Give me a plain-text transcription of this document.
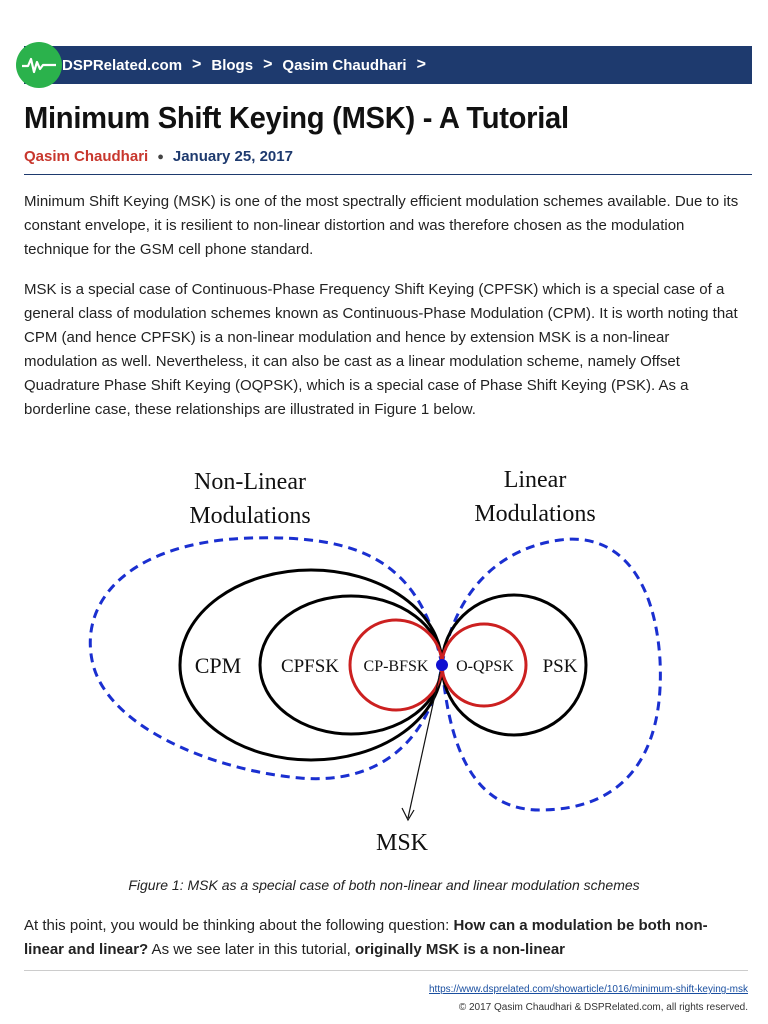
DSPRelated.com > Blogs > Qasim Chaudhari >
Minimum Shift Keying (MSK) - A Tutorial
Qasim Chaudhari ● January 25, 2017

Minimum Shift Keying (MSK) is one of the most spectrally efficient modulation schemes available. Due to its constant envelope, it is resilient to non-linear distortion and was therefore chosen as the modulation technique for the GSM cell phone standard.

MSK is a special case of Continuous-Phase Frequency Shift Keying (CPFSK) which is a special case of a general class of modulation schemes known as Continuous-Phase Modulation (CPM). It is worth noting that CPM (and hence CPFSK) is a non-linear modulation and hence by extension MSK is a non-linear modulation as well. Nevertheless, it can also be cast as a linear modulation scheme, namely Offset Quadrature Phase Shift Keying (OQPSK), which is a special case of Phase Shift Keying (PSK). As a borderline case, these relationships are illustrated in Figure 1 below.

Non-Linear
Modulations
Linear
Modulations
CPM CPFSK CP-BFSK O-QPSK PSK
MSK
Figure 1: MSK as a special case of both non-linear and linear modulation schemes

At this point, you would be thinking about the following question: How can a modulation be both non-linear and linear? As we see later in this tutorial, originally MSK is a non-linear

https://www.dsprelated.com/showarticle/1016/minimum-shift-keying-msk
© 2017 Qasim Chaudhari & DSPRelated.com, all rights reserved.
